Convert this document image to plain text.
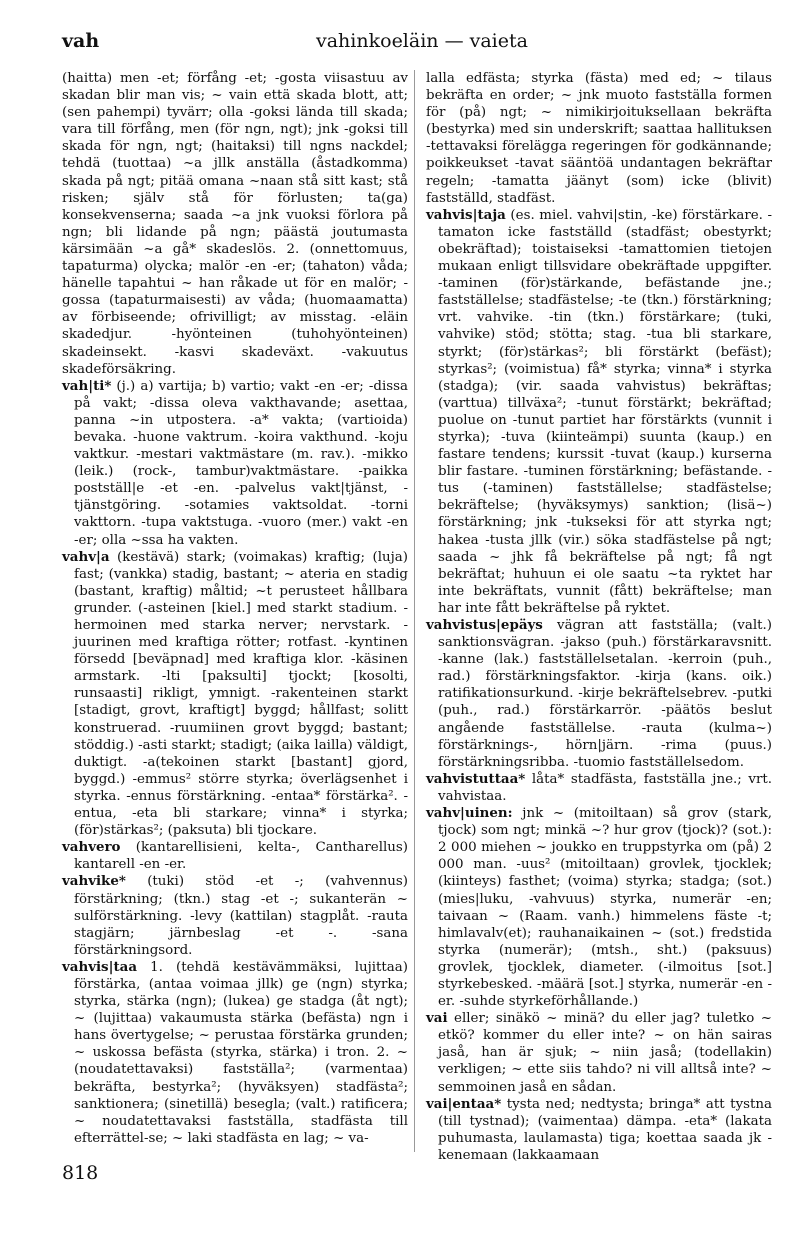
vah	vahinkoeläin — vaieta

(haitta) men -et; förfång -et; -gosta viisastuu av skadan blir man vis; ~ vain että skada blott, att; (sen pahempi) tyvärr; olla -goksi lända till skada; vara till förfång, men (för ngn, ngt); jnk -goksi till skada för ngn, ngt; (haitaksi) till ngns nackdel; tehdä (tuottaa) ~a jllk anställa (åstadkomma) skada på ngt; pitää omana ~naan stå sitt kast; stå risken; själv stå för förlusten; ta(ga) konsekvenserna; saada ~a jnk vuoksi förlora på ngn; bli lidande på ngn; päästä joutumasta kärsimään ~a gå* skadeslös. 2. (onnettomuus, tapaturma) olycka; malör -en -er; (tahaton) våda; hänelle tapahtui ~ han råkade ut för en malör; -gossa (tapaturmaisesti) av våda; (huomaamatta) av förbiseende; ofrivilligt; av misstag. -eläin skadedjur. -hyönteinen (tuhohyönteinen) skadeinsekt. -kasvi skadeväxt. -vakuutus skadeförsäkring.

vah|ti* (j.) a) vartija; b) vartio; vakt -en -er; -dissa på vakt; -dissa oleva vakthavande; asettaa, panna ~in utpostera. -a* vakta; (vartioida) bevaka. -huone vaktrum. -koira vakthund. -koju vaktkur. -mestari vaktmästare (m. rav.). -mikko (leik.) (rock-, tambur)vaktmästare. -paikka postställ|e -et -en. -palvelus vakt|tjänst, -tjänstgöring. -sotamies vaktsoldat. -torni vakttorn. -tupa vaktstuga. -vuoro (mer.) vakt -en -er; olla ~ssa ha vakten.

vahv|a (kestävä) stark; (voimakas) kraftig; (luja) fast; (vankka) stadig, bastant; ~ ateria en stadig (bastant, kraftig) måltid; ~t perusteet hållbara grunder. (-asteinen [kiel.] med starkt stadium. -hermoinen med starka nerver; nervstark. -juurinen med kraftiga rötter; rotfast. -kyntinen försedd [beväpnad] med kraftiga klor. -käsinen armstark. -lti [paksulti] tjockt; [kosolti, runsaasti] rikligt, ymnigt. -rakenteinen starkt [stadigt, grovt, kraftigt] byggd; hållfast; solitt konstruerad. -ruumiinen grovt byggd; bastant; stöddig.) -asti starkt; stadigt; (aika lailla) väldigt, duktigt. -a(tekoinen starkt [bastant] gjord, byggd.) -emmus² större styrka; överlägsenhet i styrka. -ennus förstärkning. -entaa* förstärka². -entua, -eta bli starkare; vinna* i styrka; (för)stärkas²; (paksuta) bli tjockare.

vahvero (kantarellisieni, kelta-, Cantharellus) kantarell -en -er.

vahvike* (tuki) stöd -et -; (vahvennus) förstärkning; (tkn.) stag -et -; sukanterän ~ sulförstärkning. -levy (kattilan) stagplåt. -rauta stagjärn; järnbeslag -et -. -sana förstärkningsord.

vahvis|taa 1. (tehdä kestävämmäksi, lujittaa) förstärka, (antaa voimaa jllk) ge (ngn) styrka; styrka, stärka (ngn); (lukea) ge stadga (åt ngt); ~ (lujittaa) vakaumusta stärka (befästa) ngn i hans övertygelse; ~ perustaa förstärka grunden; ~ uskossa befästa (styrka, stärka) i tron. 2. ~ (noudatettavaksi) fastställa²; (varmentaa) bekräfta, bestyrka²; (hyväksyen) stadfästa²; sanktionera; (sinetillä) besegla; (valt.) ratificera; ~ noudatettavaksi fastställa, stadfästa till efterrättel-se; ~ laki stadfästa en lag; ~ va-

lalla edfästa; styrka (fästa) med ed; ~ tilaus bekräfta en order; ~ jnk muoto fastställa formen för (på) ngt; ~ nimikirjoituksellaan bekräfta (bestyrka) med sin underskrift; saattaa hallituksen -tettavaksi förelägga regeringen för godkännande; poikkeukset -tavat sääntöä undantagen bekräftar regeln; -tamatta jäänyt (som) icke (blivit) fastställd, stadfäst.

vahvis|taja (es. miel. vahvi|stin, -ke) förstärkare. -tamaton icke fastställd (stadfäst; obestyrkt; obekräftad); toistaiseksi -tamattomien tietojen mukaan enligt tillsvidare obekräftade uppgifter. -taminen (för)stärkande, befästande jne.; fastställelse; stadfästelse; -te (tkn.) förstärkning; vrt. vahvike. -tin (tkn.) förstärkare; (tuki, vahvike) stöd; stötta; stag. -tua bli starkare, styrkt; (för)stärkas²; bli förstärkt (befäst); styrkas²; (voimistua) få* styrka; vinna* i styrka (stadga); (vir. saada vahvistus) bekräftas; (varttua) tillväxa²; -tunut förstärkt; bekräftad; puolue on -tunut partiet har förstärkts (vunnit i styrka); -tuva (kiinteämpi) suunta (kaup.) en fastare tendens; kurssit -tuvat (kaup.) kurserna blir fastare. -tuminen förstärkning; befästande. -tus (-taminen) fastställelse; stadfästelse; bekräftelse; (hyväksymys) sanktion; (lisä~) förstärkning; jnk -tukseksi för att styrka ngt; hakea -tusta jllk (vir.) söka stadfästelse på ngt; saada ~ jhk få bekräftelse på ngt; få ngt bekräftat; huhuun ei ole saatu ~ta ryktet har inte bekräftats, vunnit (fått) bekräftelse; man har inte fått bekräftelse på ryktet.

vahvistus|epäys vägran att fastställa; (valt.) sanktionsvägran. -jakso (puh.) förstärkaravsnitt. -kanne (lak.) fastställelsetalan. -kerroin (puh., rad.) förstärkningsfaktor. -kirja (kans. oik.) ratifikationsurkund. -kirje bekräftelsebrev. -putki (puh., rad.) förstärkarrör. -päätös beslut angående fastställelse. -rauta (kulma~) förstärknings-, hörn|järn. -rima (puus.) förstärkningsribba. -tuomio fastställelsedom.

vahvistuttaa* låta* stadfästa, fastställa jne.; vrt. vahvistaa.

vahv|uinen: jnk ~ (mitoiltaan) så grov (stark, tjock) som ngt; minkä ~? hur grov (tjock)? (sot.): 2 000 miehen ~ joukko en truppstyrka om (på) 2 000 man. -uus² (mitoiltaan) grovlek, tjocklek; (kiinteys) fasthet; (voima) styrka; stadga; (sot.) (mies|luku, -vahvuus) styrka, numerär -en; taivaan ~ (Raam. vanh.) himmelens fäste -t; himlavalv(et); rauhanaikainen ~ (sot.) fredstida styrka (numerär); (mtsh., sht.) (paksuus) grovlek, tjocklek, diameter. (-ilmoitus [sot.] styrkebesked. -määrä [sot.] styrka, numerär -en -er. -suhde styrkeförhållande.)

vai eller; sinäkö ~ minä? du eller jag? tuletko ~ etkö? kommer du eller inte? ~ on hän sairas jaså, han är sjuk; ~ niin jaså; (todellakin) verkligen; ~ ette siis tahdo? ni vill alltså inte? ~ semmoinen jaså en sådan.

vai|entaa* tysta ned; nedtysta; bringa* att tystna (till tystnad); (vaimentaa) dämpa. -eta* (lakata puhumasta, laulamasta) tiga; koettaa saada jk -kenemaan (lakkaamaan

818
